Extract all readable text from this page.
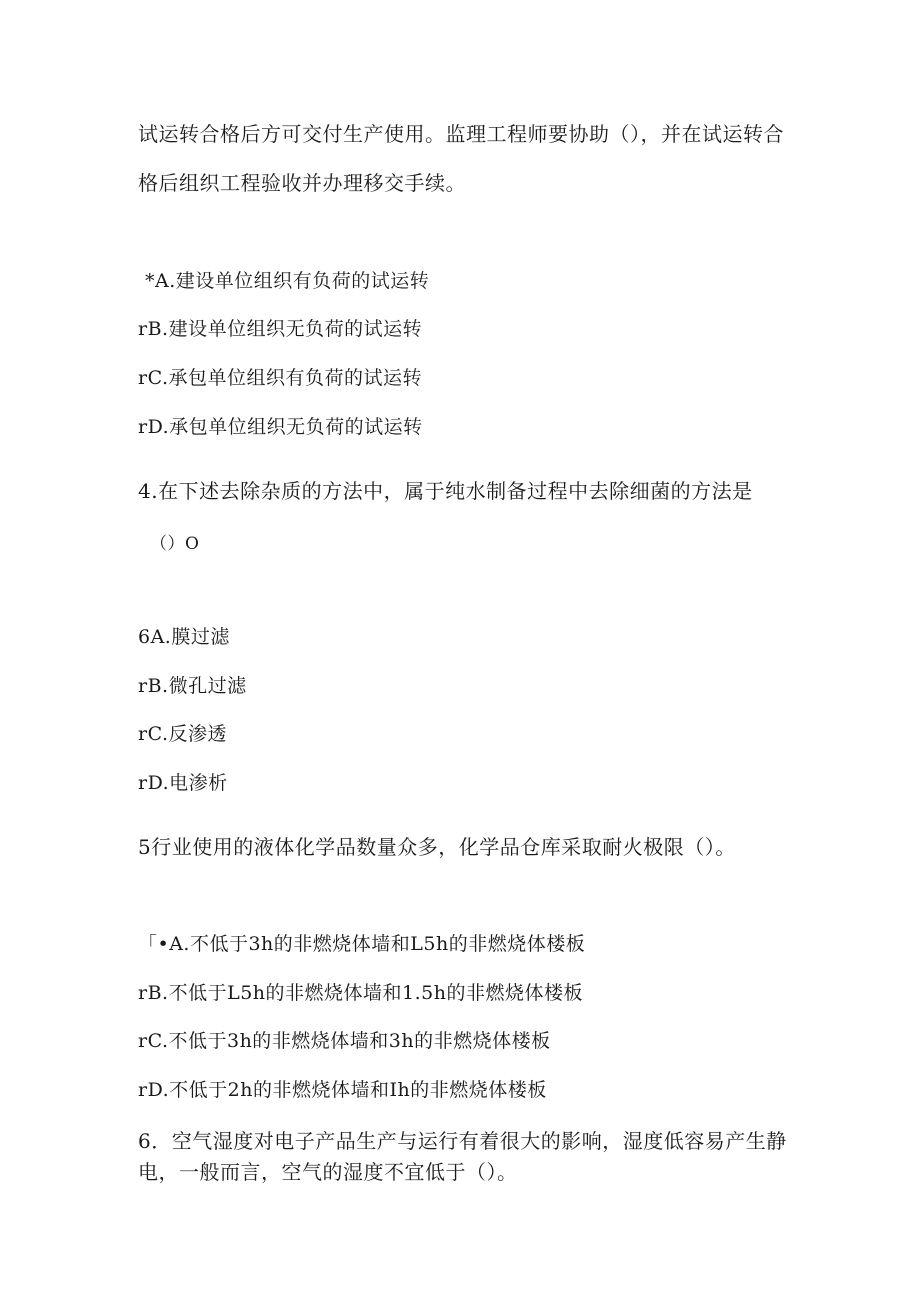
试运转合格后方可交付生产使用。监理工程师要协助（），并在试运转合

格后组织工程验收并办理移交手续。

*A.建设单位组织有负荷的试运转

rB.建设单位组织无负荷的试运转

rC.承包单位组织有负荷的试运转

rD.承包单位组织无负荷的试运转

4.在下述去除杂质的方法中，属于纯水制备过程中去除细菌的方法是

（）O

6A.膜过滤

rB.微孔过滤

rC.反渗透

rD.电渗析

5行业使用的液体化学品数量众多，化学品仓库采取耐火极限（）。

「•A.不低于3h的非燃烧体墙和L5h的非燃烧体楼板

rB.不低于L5h的非燃烧体墙和1.5h的非燃烧体楼板

rC.不低于3h的非燃烧体墙和3h的非燃烧体楼板

rD.不低于2h的非燃烧体墙和Ih的非燃烧体楼板

6．空气湿度对电子产品生产与运行有着很大的影响，湿度低容易产生静

电，一般而言，空气的湿度不宜低于（）。
